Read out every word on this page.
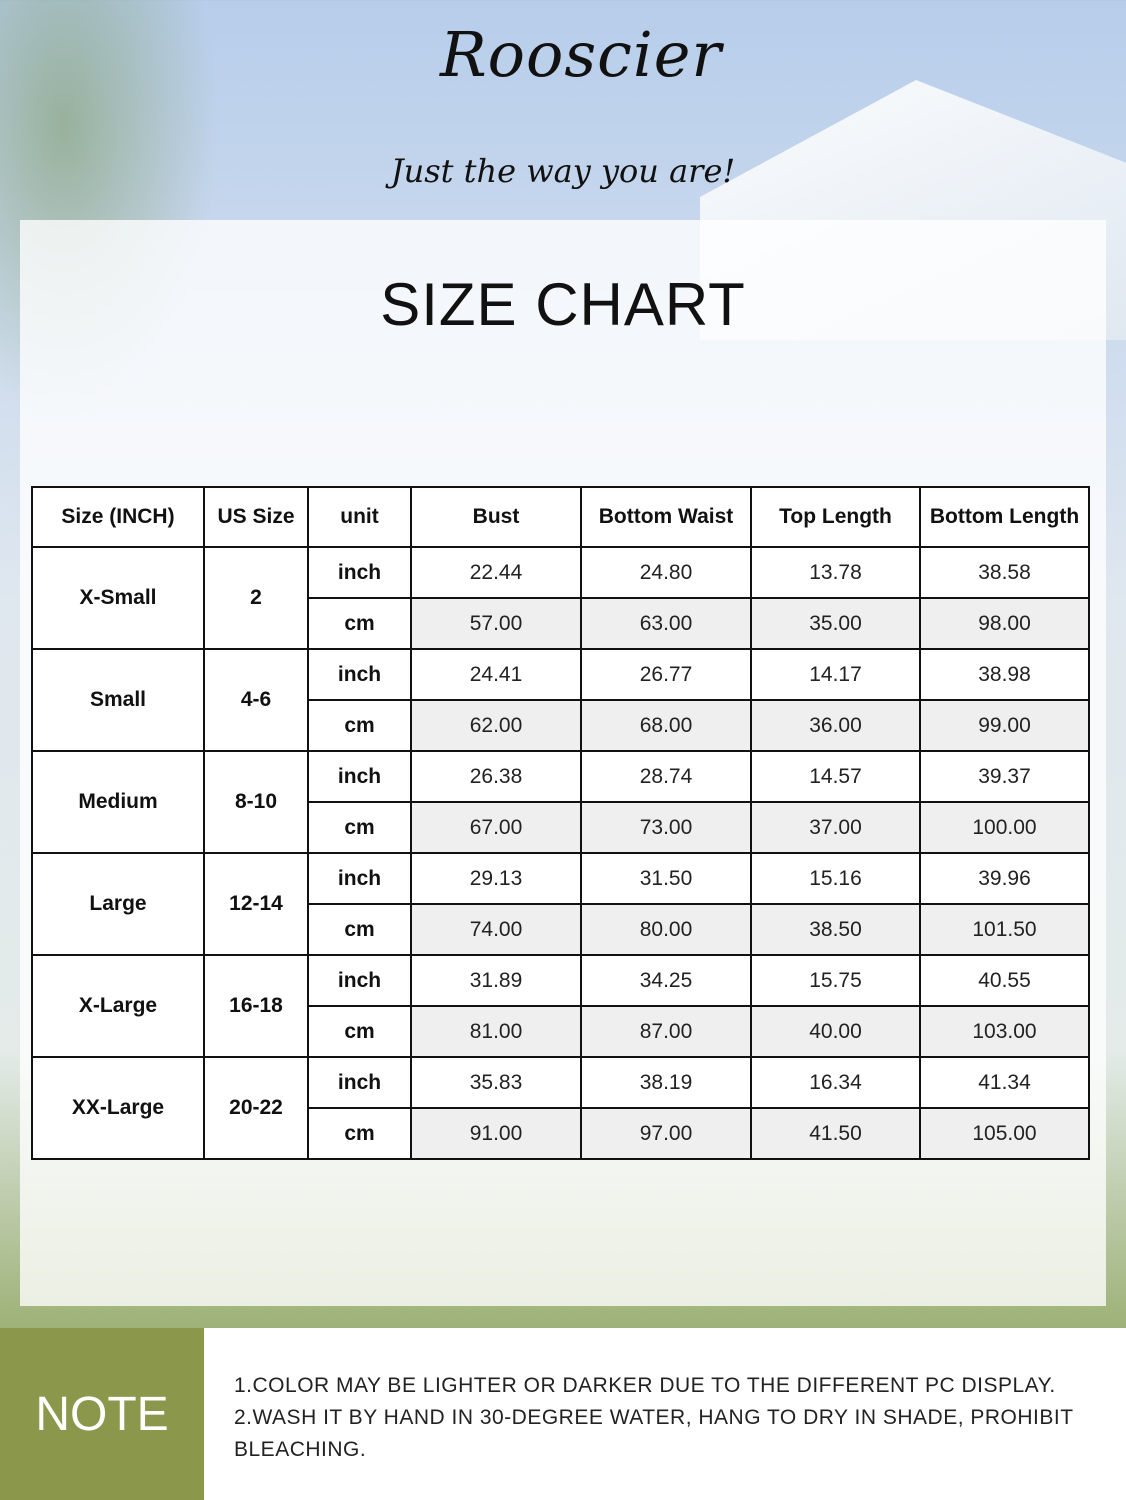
Rooscier
Just the way you are!
SIZE CHART
Size (INCH)	US Size	unit	Bust	Bottom Waist	Top Length	Bottom Length
X-Small	2	inch	22.44	24.80	13.78	38.58
		cm	57.00	63.00	35.00	98.00
Small	4-6	inch	24.41	26.77	14.17	38.98
		cm	62.00	68.00	36.00	99.00
Medium	8-10	inch	26.38	28.74	14.57	39.37
		cm	67.00	73.00	37.00	100.00
Large	12-14	inch	29.13	31.50	15.16	39.96
		cm	74.00	80.00	38.50	101.50
X-Large	16-18	inch	31.89	34.25	15.75	40.55
		cm	81.00	87.00	40.00	103.00
XX-Large	20-22	inch	35.83	38.19	16.34	41.34
		cm	91.00	97.00	41.50	105.00
NOTE
1.COLOR MAY BE LIGHTER OR DARKER DUE TO THE DIFFERENT PC DISPLAY.
2.WASH IT BY HAND IN 30-DEGREE WATER, HANG TO DRY IN SHADE, PROHIBIT
BLEACHING.
